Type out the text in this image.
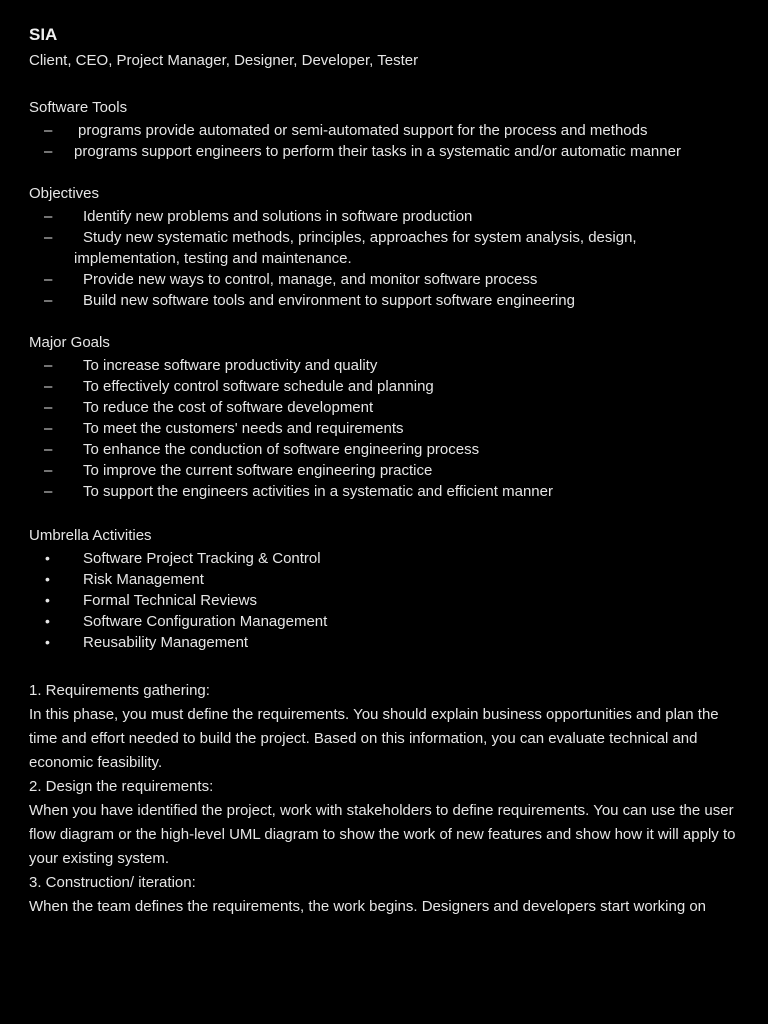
SIA
Client, CEO, Project Manager, Designer, Developer, Tester
Software Tools
–	programs provide automated or semi-automated support for the process and methods
–	programs support engineers to perform their tasks in a systematic and/or automatic manner
Objectives
–	Identify new problems and solutions in software production
–	Study new systematic methods, principles, approaches for system analysis, design,
implementation, testing and maintenance.
–	Provide new ways to control, manage, and monitor software process
–	Build new software tools and environment to support software engineering
Major Goals
–	To increase software productivity and quality
–	To effectively control software schedule and planning
–	To reduce the cost of software development
–	To meet the customers' needs and requirements
–	To enhance the conduction of software engineering process
–	To improve the current software engineering practice
–	To support the engineers activities in a systematic and efficient manner
Umbrella Activities
•	Software Project Tracking & Control
•	Risk Management
•	Formal Technical Reviews
•	Software Configuration Management
•	Reusability Management

1. Requirements gathering:

In this phase, you must define the requirements. You should explain business opportunities and plan the time and effort needed to build the project. Based on this information, you can evaluate technical and economic feasibility.

2. Design the requirements:

When you have identified the project, work with stakeholders to define requirements. You can use the user flow diagram or the high-level UML diagram to show the work of new features and show how it will apply to your existing system.

3. Construction/ iteration:

When the team defines the requirements, the work begins. Designers and developers start working on
